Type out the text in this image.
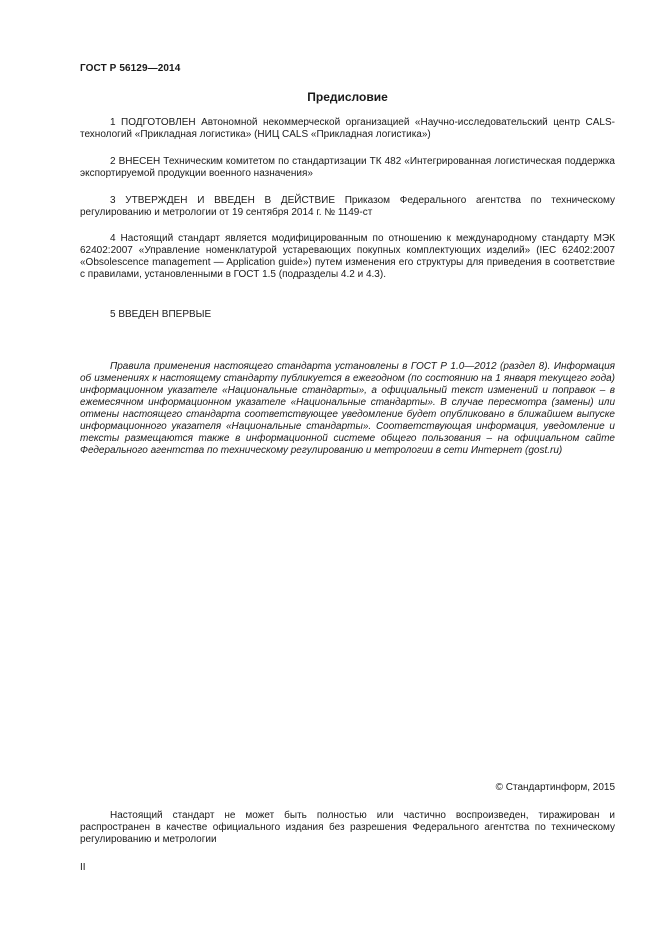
ГОСТ Р 56129—2014
Предисловие

1 ПОДГОТОВЛЕН Автономной некоммерческой организацией «Научно-исследовательский центр CALS-технологий «Прикладная логистика» (НИЦ CALS «Прикладная логистика»)

2 ВНЕСЕН Техническим комитетом по стандартизации ТК 482 «Интегрированная логистическая поддержка экспортируемой продукции военного назначения»

3 УТВЕРЖДЕН И ВВЕДЕН В ДЕЙСТВИЕ Приказом Федерального агентства по техническому регулированию и метрологии от 19 сентября 2014 г. № 1149-ст

4 Настоящий стандарт является модифицированным по отношению к международному стандарту МЭК 62402:2007 «Управление номенклатурой устаревающих покупных комплектующих изделий» (IEC 62402:2007 «Obsolescence management — Application guide») путем изменения его структуры для приведения в соответствие с правилами, установленными в ГОСТ 1.5 (подразделы 4.2 и 4.3).

5 ВВЕДЕН ВПЕРВЫЕ

Правила применения настоящего стандарта установлены в ГОСТ Р 1.0—2012 (раздел 8). Информация об изменениях к настоящему стандарту публикуется в ежегодном (по состоянию на 1 января текущего года) информационном указателе «Национальные стандарты», а официальный текст изменений и поправок – в ежемесячном информационном указателе «Национальные стандарты». В случае пересмотра (замены) или отмены настоящего стандарта соответствующее уведомление будет опубликовано в ближайшем выпуске информационного указателя «Национальные стандарты». Соответствующая информация, уведомление и тексты размещаются также в информационной системе общего пользования – на официальном сайте Федерального агентства по техническому регулированию и метрологии в сети Интернет (gost.ru)

© Стандартинформ, 2015

Настоящий стандарт не может быть полностью или частично воспроизведен, тиражирован и распространен в качестве официального издания без разрешения Федерального агентства по техническому регулированию и метрологии

II
